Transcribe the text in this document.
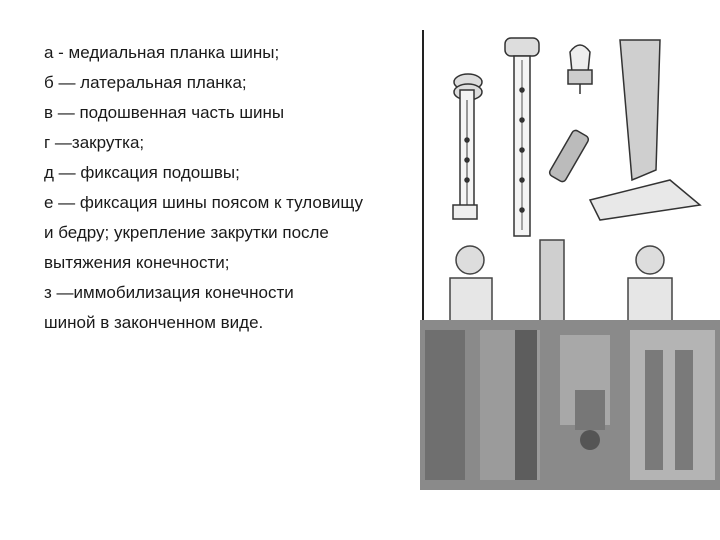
а - медиальная планка шины;
б — латеральная планка;
в — подошвенная часть шины
г —закрутка;
д — фиксация подошвы;
е — фиксация шины поясом к туловищу
и бедру; укрепление закрутки после
вытяжения конечности;
з —иммобилизация конечности
шиной в законченном виде.
